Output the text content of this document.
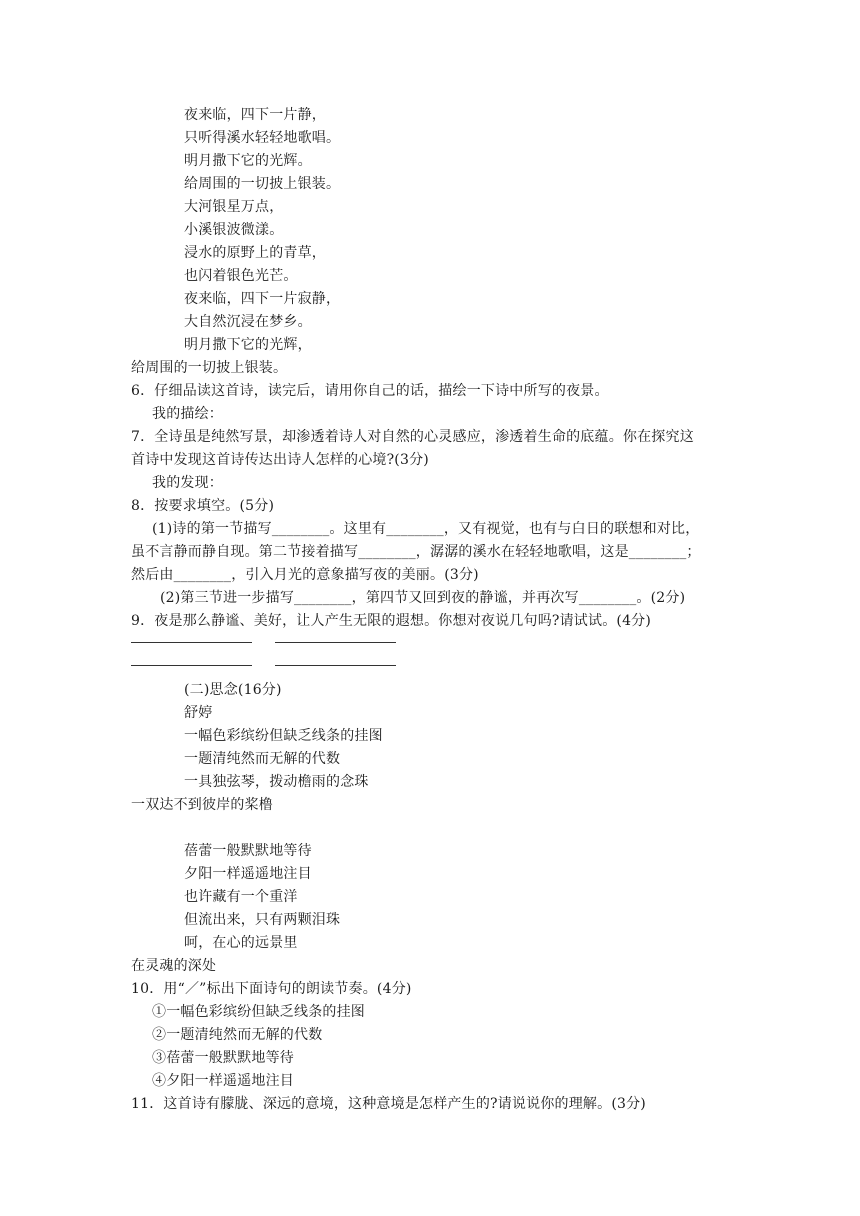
夜来临，四下一片静，
只听得溪水轻轻地歌唱。
明月撒下它的光辉。
给周围的一切披上银装。
大河银星万点，
小溪银波微漾。
浸水的原野上的青草，
也闪着银色光芒。
夜来临，四下一片寂静，
大自然沉浸在梦乡。
明月撒下它的光辉，
给周围的一切披上银装。
6．仔细品读这首诗，读完后，请用你自己的话，描绘一下诗中所写的夜景。
我的描绘：
7．全诗虽是纯然写景，却渗透着诗人对自然的心灵感应，渗透着生命的底蕴。你在探究这
首诗中发现这首诗传达出诗人怎样的心境?(3分)
我的发现：
8．按要求填空。(5分)
(1)诗的第一节描写________。这里有________，又有视觉，也有与白日的联想和对比，
虽不言静而静自现。第二节接着描写________，潺潺的溪水在轻轻地歌唱，这是________；
然后由________，引入月光的意象描写夜的美丽。(3分)
(2)第三节进一步描写________，第四节又回到夜的静谧，并再次写________。(2分)
9．夜是那么静谧、美好，让人产生无限的遐想。你想对夜说几句吗?请试试。(4分)
(二)思念(16分)
舒婷
一幅色彩缤纷但缺乏线条的挂图
一题清纯然而无解的代数
一具独弦琴，拨动檐雨的念珠
一双达不到彼岸的桨橹
蓓蕾一般默默地等待
夕阳一样遥遥地注目
也许藏有一个重洋
但流出来，只有两颗泪珠
呵，在心的远景里
在灵魂的深处
10．用“／”标出下面诗句的朗读节奏。(4分)
①一幅色彩缤纷但缺乏线条的挂图
②一题清纯然而无解的代数
③蓓蕾一般默默地等待
④夕阳一样遥遥地注目
11．这首诗有朦胧、深远的意境，这种意境是怎样产生的?请说说你的理解。(3分)
